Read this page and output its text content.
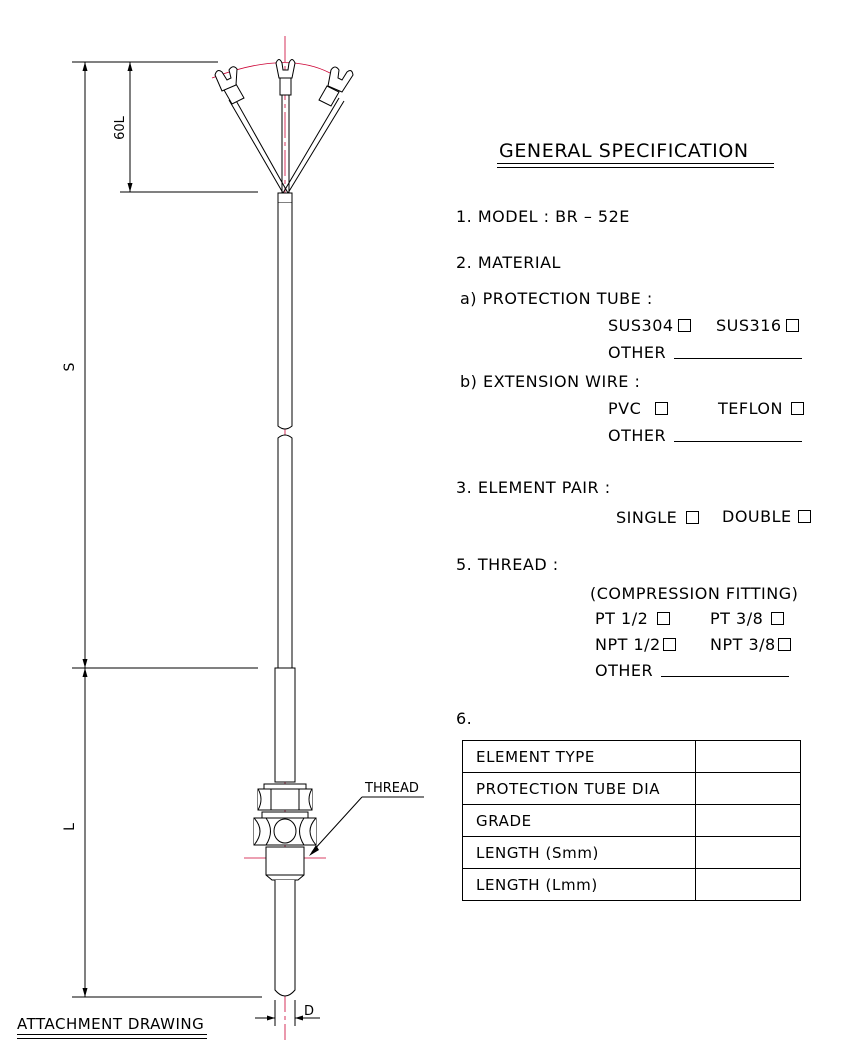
60L
S
L
THREAD
D
ATTACHMENT DRAWING
GENERAL SPECIFICATION
1. MODEL : BR – 52E
2. MATERIAL
a) PROTECTION TUBE :
SUS304	SUS316
OTHER
b) EXTENSION WIRE :
PVC	TEFLON
OTHER
3. ELEMENT PAIR :
SINGLE	DOUBLE
5. THREAD :
(COMPRESSION FITTING)
PT 1/2	PT 3/8
NPT 1/2	NPT 3/8
OTHER
6.
ELEMENT TYPE	
PROTECTION TUBE DIA	
GRADE	
LENGTH (Smm)	
LENGTH (Lmm)	
